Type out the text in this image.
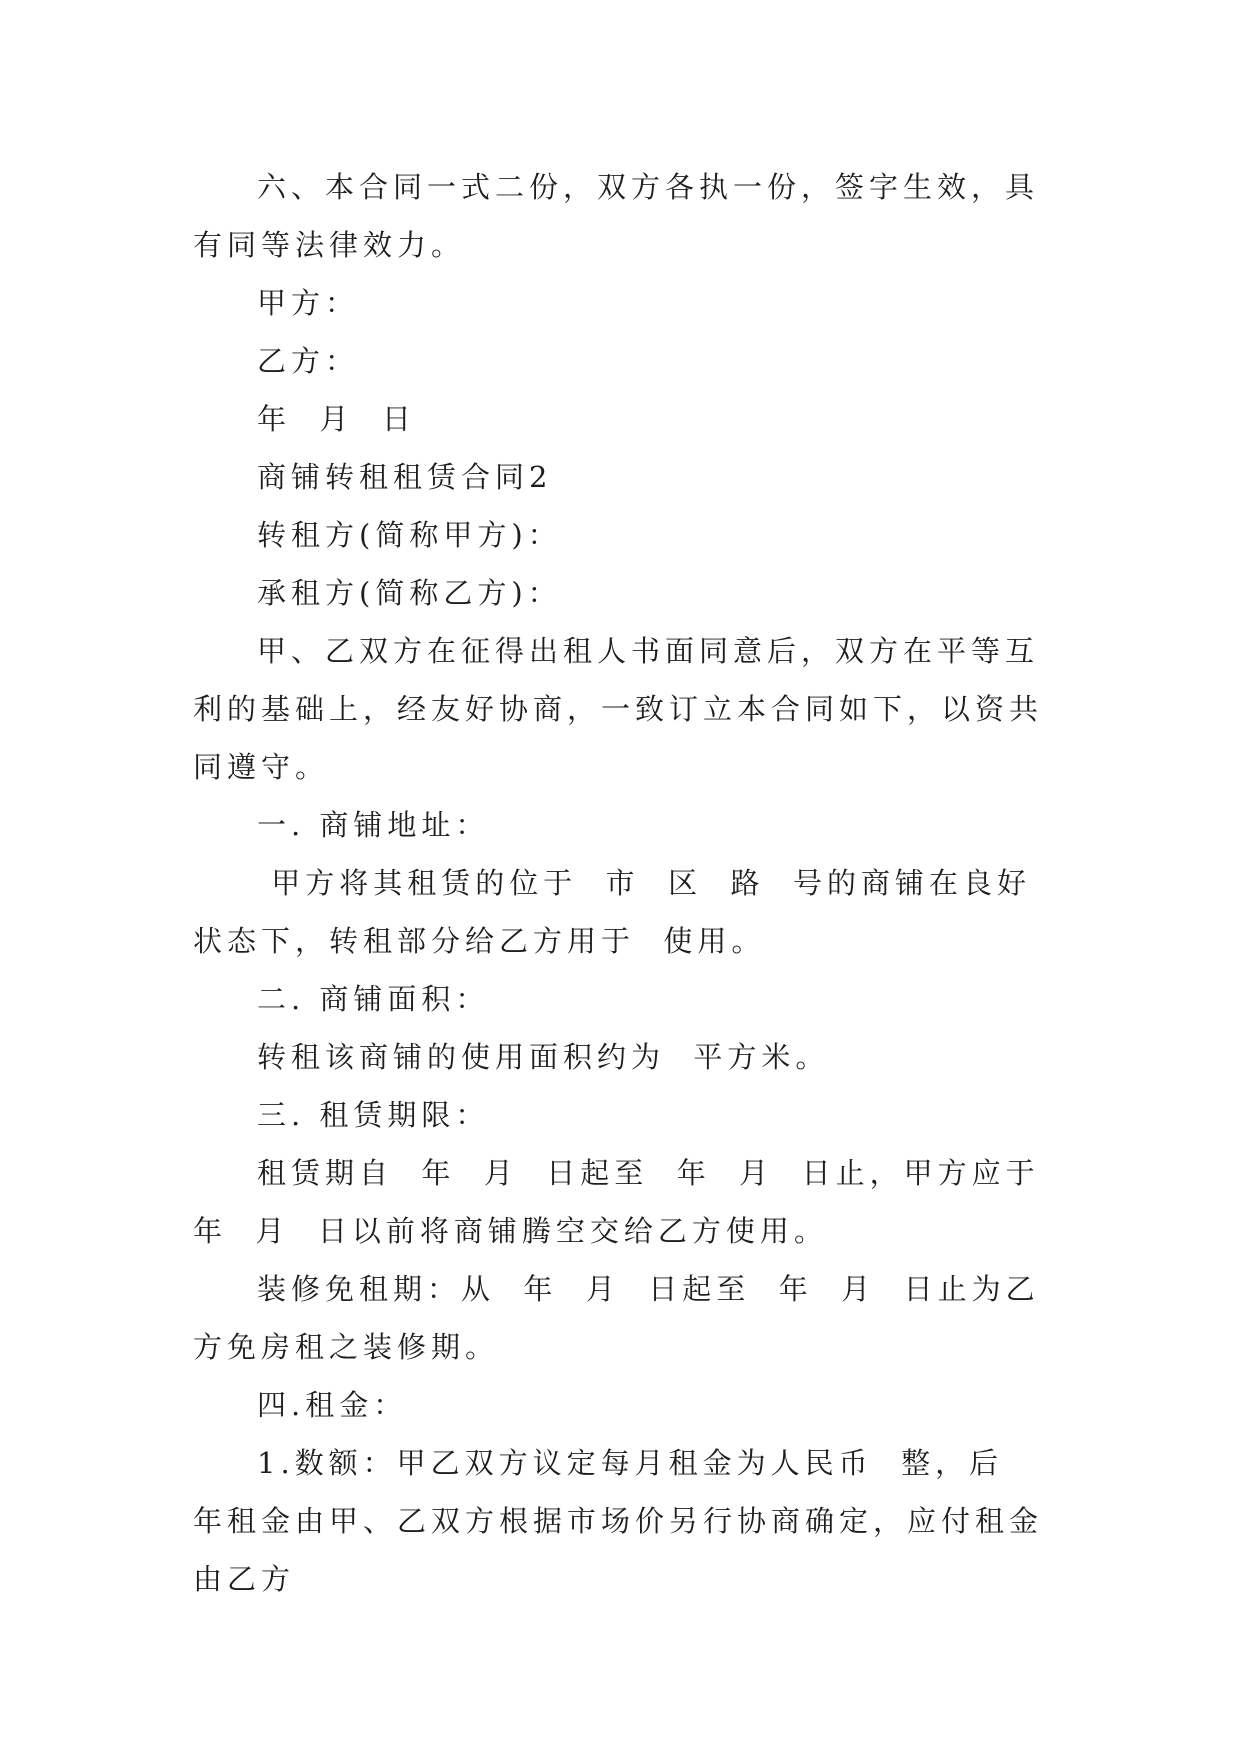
六、本合同一式二份，双方各执一份，签字生效，具有同等法律效力。

甲方：

乙方：

年  月  日

商铺转租租赁合同2

转租方(简称甲方)：

承租方(简称乙方)：

甲、乙双方在征得出租人书面同意后，双方在平等互利的基础上，经友好协商，一致订立本合同如下，以资共同遵守。

一. 商铺地址：

甲方将其租赁的位于  市  区  路  号的商铺在良好状态下，转租部分给乙方用于  使用。

二. 商铺面积：

转租该商铺的使用面积约为  平方米。

三. 租赁期限：

租赁期自  年  月  日起至  年  月  日止，甲方应于  年  月  日以前将商铺腾空交给乙方使用。

装修免租期：从  年  月  日起至  年  月  日止为乙方免房租之装修期。

四.租金：

1.数额：甲乙双方议定每月租金为人民币  整，后  年租金由甲、乙双方根据市场价另行协商确定，应付租金由乙方
